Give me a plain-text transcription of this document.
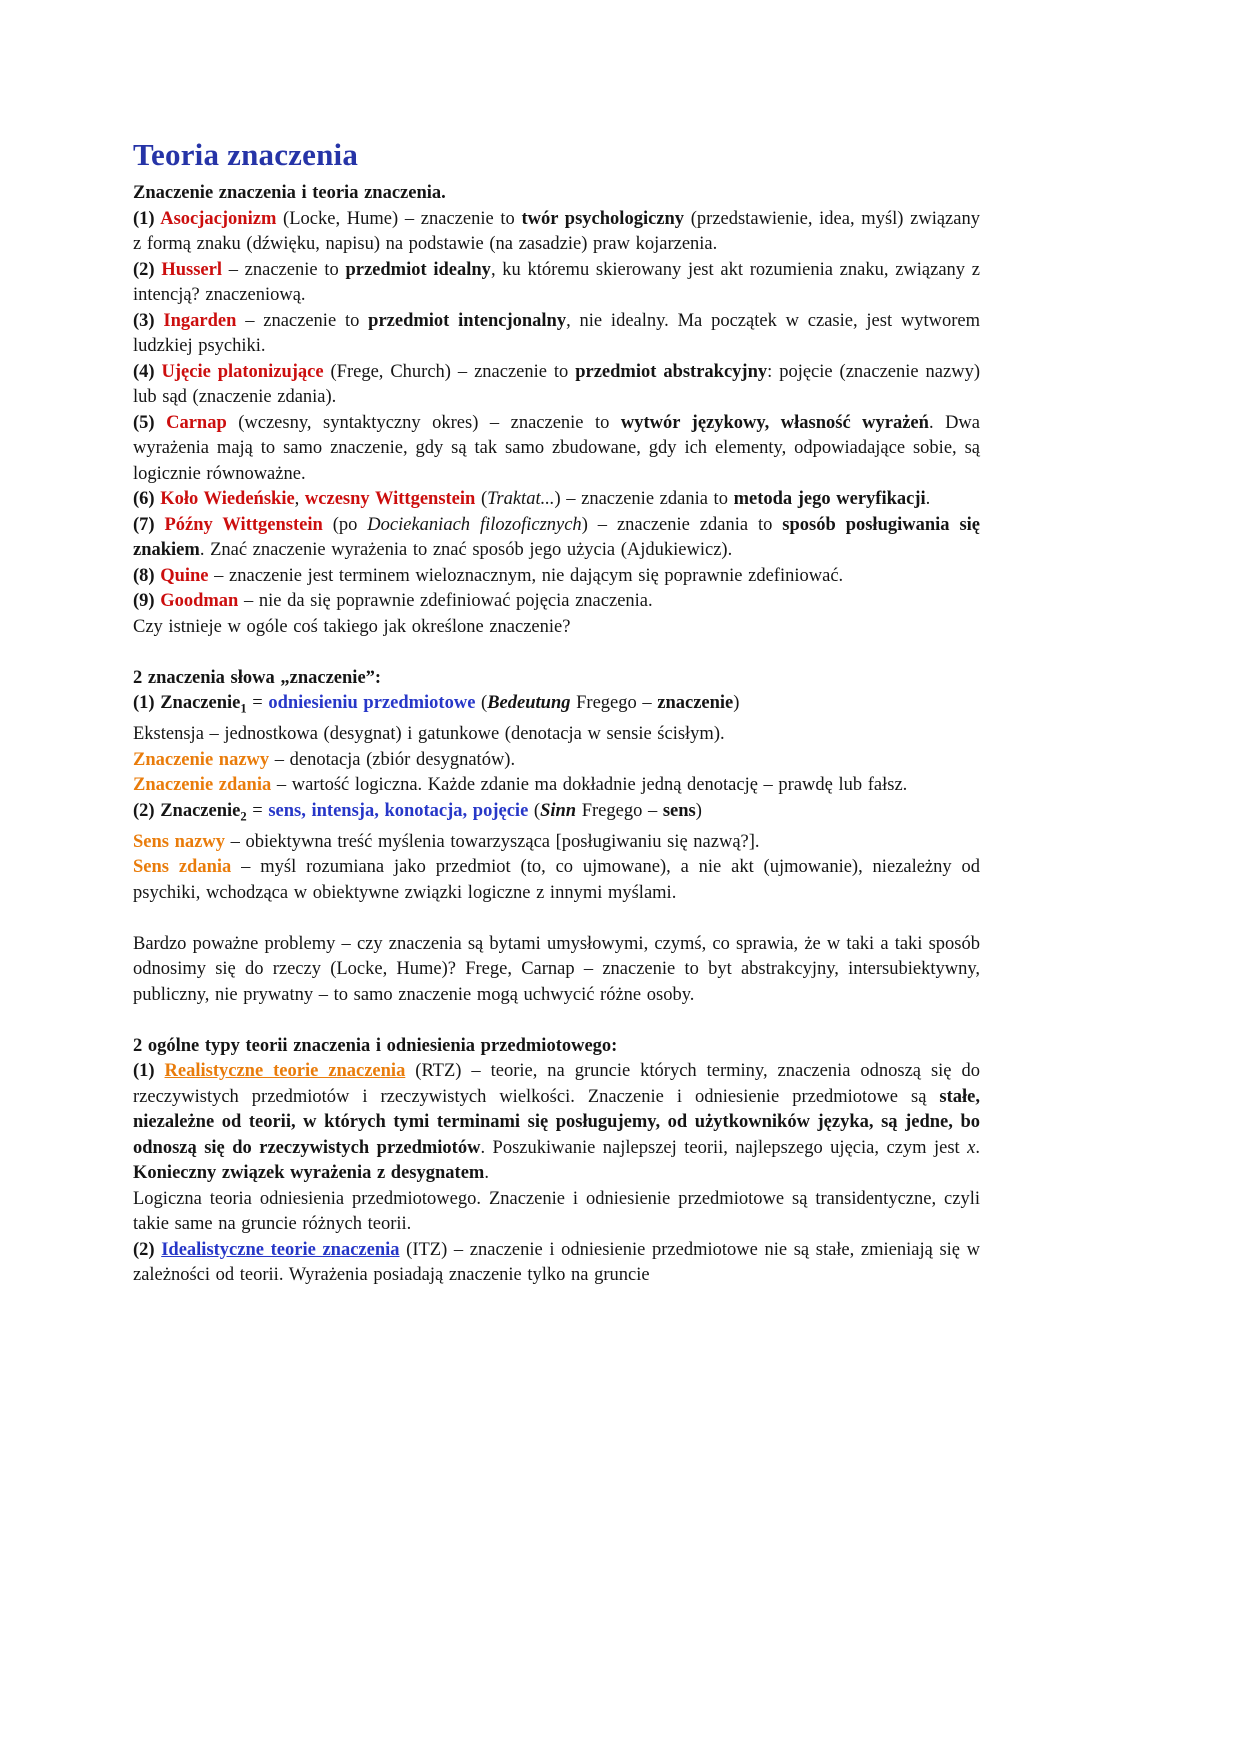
Teoria znaczenia

Znaczenie znaczenia i teoria znaczenia.

(1) Asocjacjonizm (Locke, Hume) – znaczenie to twór psychologiczny (przedstawienie, idea, myśl) związany z formą znaku (dźwięku, napisu) na podstawie (na zasadzie) praw kojarzenia.

(2) Husserl – znaczenie to przedmiot idealny, ku któremu skierowany jest akt rozumienia znaku, związany z intencją? znaczeniową.

(3) Ingarden – znaczenie to przedmiot intencjonalny, nie idealny. Ma początek w czasie, jest wytworem ludzkiej psychiki.

(4) Ujęcie platonizujące (Frege, Church) – znaczenie to przedmiot abstrakcyjny: pojęcie (znaczenie nazwy) lub sąd (znaczenie zdania).

(5) Carnap (wczesny, syntaktyczny okres) – znaczenie to wytwór językowy, własność wyrażeń. Dwa wyrażenia mają to samo znaczenie, gdy są tak samo zbudowane, gdy ich elementy, odpowiadające sobie, są logicznie równoważne.

(6) Koło Wiedeńskie, wczesny Wittgenstein (Traktat...) – znaczenie zdania to metoda jego weryfikacji.

(7) Późny Wittgenstein (po Dociekaniach filozoficznych) – znaczenie zdania to sposób posługiwania się znakiem. Znać znaczenie wyrażenia to znać sposób jego użycia (Ajdukiewicz).

(8) Quine – znaczenie jest terminem wieloznacznym, nie dającym się poprawnie zdefiniować.

(9) Goodman – nie da się poprawnie zdefiniować pojęcia znaczenia.

Czy istnieje w ogóle coś takiego jak określone znaczenie?

2 znaczenia słowa „znaczenie”:

(1) Znaczenie$_1$ = odniesieniu przedmiotowe (Bedeutung Fregego – znaczenie)

Ekstensja – jednostkowa (desygnat) i gatunkowe (denotacja w sensie ścisłym).

Znaczenie nazwy – denotacja (zbiór desygnatów).

Znaczenie zdania – wartość logiczna. Każde zdanie ma dokładnie jedną denotację – prawdę lub fałsz.

(2) Znaczenie$_2$ = sens, intensja, konotacja, pojęcie (Sinn Fregego – sens)

Sens nazwy – obiektywna treść myślenia towarzysząca [posługiwaniu się nazwą?].

Sens zdania – myśl rozumiana jako przedmiot (to, co ujmowane), a nie akt (ujmowanie), niezależny od psychiki, wchodząca w obiektywne związki logiczne z innymi myślami.

Bardzo poważne problemy – czy znaczenia są bytami umysłowymi, czymś, co sprawia, że w taki a taki sposób odnosimy się do rzeczy (Locke, Hume)? Frege, Carnap – znaczenie to byt abstrakcyjny, intersubiektywny, publiczny, nie prywatny – to samo znaczenie mogą uchwycić różne osoby.

2 ogólne typy teorii znaczenia i odniesienia przedmiotowego:

(1) Realistyczne teorie znaczenia (RTZ) – teorie, na gruncie których terminy, znaczenia odnoszą się do rzeczywistych przedmiotów i rzeczywistych wielkości. Znaczenie i odniesienie przedmiotowe są stałe, niezależne od teorii, w których tymi terminami się posługujemy, od użytkowników języka, są jedne, bo odnoszą się do rzeczywistych przedmiotów. Poszukiwanie najlepszej teorii, najlepszego ujęcia, czym jest x. Konieczny związek wyrażenia z desygnatem.

Logiczna teoria odniesienia przedmiotowego. Znaczenie i odniesienie przedmiotowe są transidentyczne, czyli takie same na gruncie różnych teorii.

(2) Idealistyczne teorie znaczenia (ITZ) – znaczenie i odniesienie przedmiotowe nie są stałe, zmieniają się w zależności od teorii. Wyrażenia posiadają znaczenie tylko na gruncie
